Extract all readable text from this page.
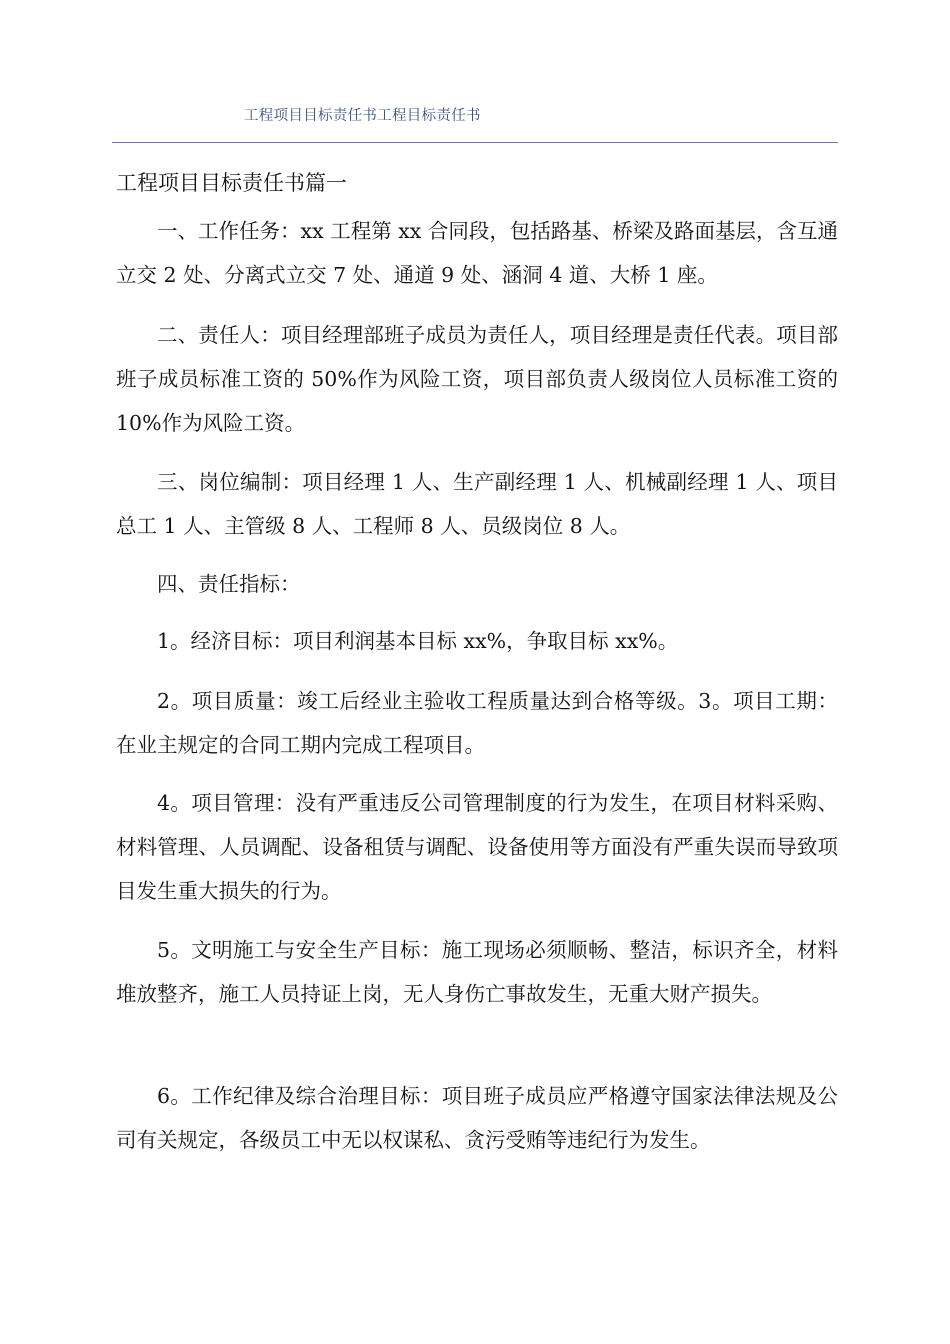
工程项目目标责任书工程目标责任书
工程项目目标责任书篇一

一、工作任务：xx 工程第 xx 合同段，包括路基、桥梁及路面基层，含互通立交 2 处、分离式立交 7 处、通道 9 处、涵洞 4 道、大桥 1 座。

二、责任人：项目经理部班子成员为责任人，项目经理是责任代表。项目部班子成员标准工资的 50%作为风险工资，项目部负责人级岗位人员标准工资的 10%作为风险工资。

三、岗位编制：项目经理 1 人、生产副经理 1 人、机械副经理 1 人、项目总工 1 人、主管级 8 人、工程师 8 人、员级岗位 8 人。

四、责任指标：

1。经济目标：项目利润基本目标 xx%，争取目标 xx%。

2。项目质量：竣工后经业主验收工程质量达到合格等级。3。项目工期：在业主规定的合同工期内完成工程项目。

4。项目管理：没有严重违反公司管理制度的行为发生，在项目材料采购、材料管理、人员调配、设备租赁与调配、设备使用等方面没有严重失误而导致项目发生重大损失的行为。

5。文明施工与安全生产目标：施工现场必须顺畅、整洁，标识齐全，材料堆放整齐，施工人员持证上岗，无人身伤亡事故发生，无重大财产损失。

6。工作纪律及综合治理目标：项目班子成员应严格遵守国家法律法规及公司有关规定，各级员工中无以权谋私、贪污受贿等违纪行为发生。
